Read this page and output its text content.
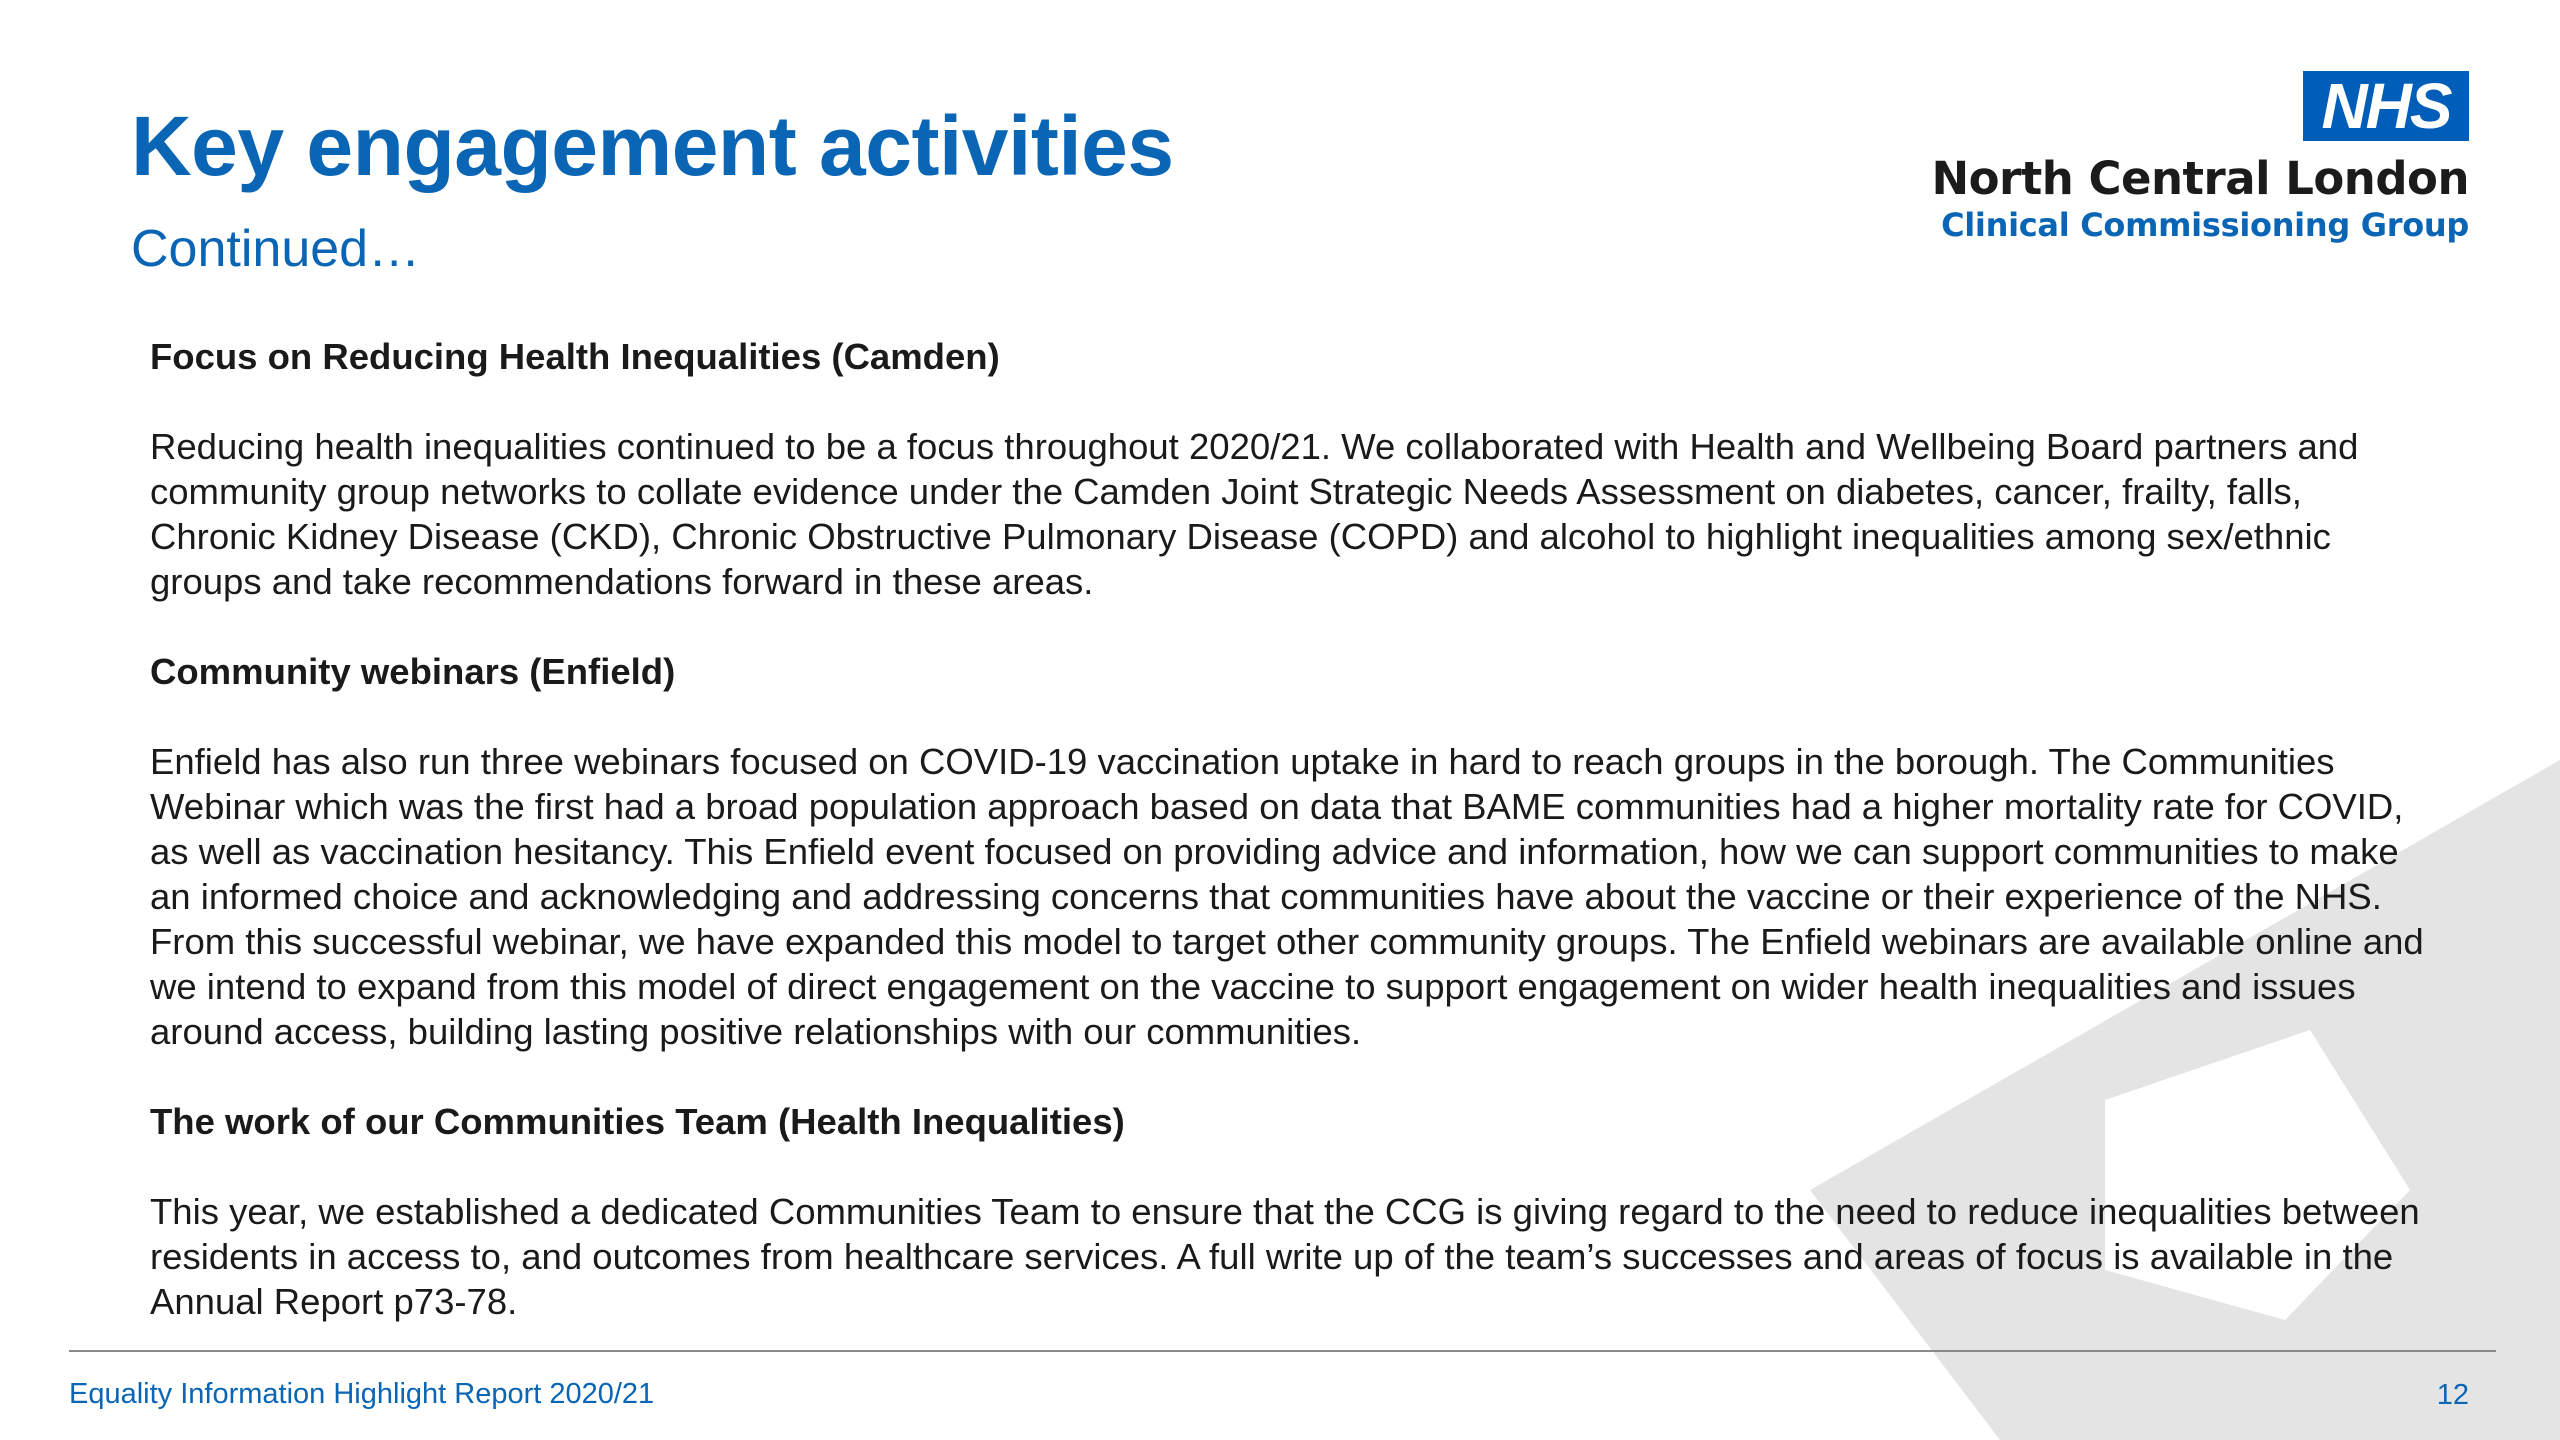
Key engagement activities
Continued…
NHS
North Central London
Clinical Commissioning Group
Focus on Reducing Health Inequalities (Camden)

Reducing health inequalities continued to be a focus throughout 2020/21. We collaborated with Health and Wellbeing Board partners and community group networks to collate evidence under the Camden Joint Strategic Needs Assessment on diabetes, cancer, frailty, falls, Chronic Kidney Disease (CKD), Chronic Obstructive Pulmonary Disease (COPD) and alcohol to highlight inequalities among sex/ethnic groups and take recommendations forward in these areas.

Community webinars (Enfield)

Enfield has also run three webinars focused on COVID-19 vaccination uptake in hard to reach groups in the borough. The Communities Webinar which was the first had a broad population approach based on data that BAME communities had a higher mortality rate for COVID, as well as vaccination hesitancy. This Enfield event focused on providing advice and information, how we can support communities to make an informed choice and acknowledging and addressing concerns that communities have about the vaccine or their experience of the NHS. From this successful webinar, we have expanded this model to target other community groups. The Enfield webinars are available online and we intend to expand from this model of direct engagement on the vaccine to support engagement on wider health inequalities and issues around access, building lasting positive relationships with our communities.

The work of our Communities Team (Health Inequalities)

This year, we established a dedicated Communities Team to ensure that the CCG is giving regard to the need to reduce inequalities between residents in access to, and outcomes from healthcare services. A full write up of the team’s successes and areas of focus is available in the Annual Report p73-78.

Equality Information Highlight Report 2020/21	12
